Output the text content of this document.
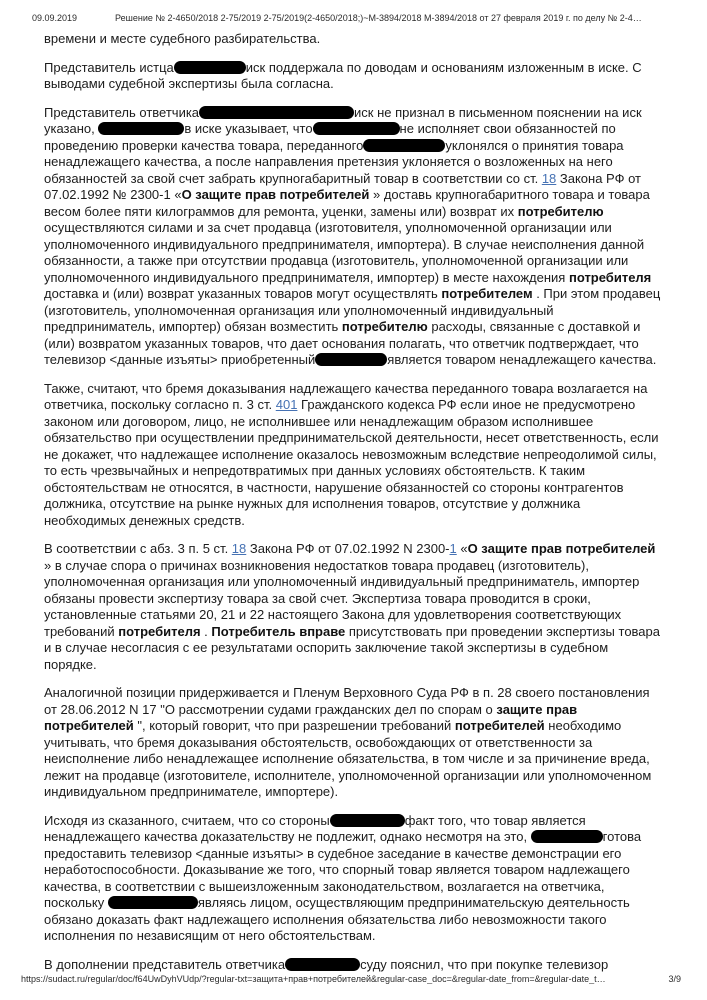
09.09.2019	Решение № 2-4650/2018 2-75/2019 2-75/2019(2-4650/2018;)~М-3894/2018 М-3894/2018 от 27 февраля 2019 г. по делу № 2-4…

времени и месте судебного разбирательства.

Представитель истца	иск поддержала по доводам и основаниям изложенным в иске. С выводами судебной экспертизы была согласна.

Представитель ответчика	иск не признал в письменном пояснении на иск указано,	в иске указывает, что	не исполняет свои обязанностей по проведению проверки качества товара, переданного	уклонялся о принятия товара ненадлежащего качества, а после направления претензия уклоняется о возложенных на него обязанностей за свой счет забрать крупногабаритный товар в соответствии со ст. 18 Закона РФ от 07.02.1992 № 2300-1 «О защите прав потребителей » доставь крупногабаритного товара и товара весом более пяти килограммов для ремонта, уценки, замены или) возврат их потребителю осуществляются силами и за счет продавца (изготовителя, уполномоченной организации или уполномоченного индивидуального предпринимателя, импортера). В случае неисполнения данной обязанности, а также при отсутствии продавца (изготовитель, уполномоченной организации или уполномоченного индивидуального предпринимателя, импортер) в месте нахождения потребителя доставка и (или) возврат указанных товаров могут осуществлять потребителем . При этом продавец (изготовитель, уполномоченная организация или уполномоченный индивидуальный предприниматель, импортер) обязан возместить потребителю расходы, связанные с доставкой и (или) возвратом указанных товаров, что дает основания полагать, что ответчик подтверждает, что телевизор <данные изъяты> приобретенный	является товаром ненадлежащего качества.

Также, считают, что бремя доказывания надлежащего качества переданного товара возлагается на ответчика, поскольку согласно п. 3 ст. 401 Гражданского кодекса РФ если иное не предусмотрено законом или договором, лицо, не исполнившее или ненадлежащим образом исполнившее обязательство при осуществлении предпринимательской деятельности, несет ответственность, если не докажет, что надлежащее исполнение оказалось невозможным вследствие непреодолимой силы, то есть чрезвычайных и непредотвратимых при данных условиях обстоятельств. К таким обстоятельствам не относятся, в частности, нарушение обязанностей со стороны контрагентов должника, отсутствие на рынке нужных для исполнения товаров, отсутствие у должника необходимых денежных средств.

В соответствии с абз. 3 п. 5 ст. 18 Закона РФ от 07.02.1992 N 2300-1 «О защите прав потребителей » в случае спора о причинах возникновения недостатков товара продавец (изготовитель), уполномоченная организация или уполномоченный индивидуальный предприниматель, импортер обязаны провести экспертизу товара за свой счет. Экспертиза товара проводится в сроки, установленные статьями 20, 21 и 22 настоящего Закона для удовлетворения соответствующих требований потребителя . Потребитель вправе присутствовать при проведении экспертизы товара и в случае несогласия с ее результатами оспорить заключение такой экспертизы в судебном порядке.

Аналогичной позиции придерживается и Пленум Верховного Суда РФ в п. 28 своего постановления от 28.06.2012 N 17 "О рассмотрении судами гражданских дел по спорам о защите прав потребителей ", который говорит, что при разрешении требований потребителей необходимо учитывать, что бремя доказывания обстоятельств, освобождающих от ответственности за неисполнение либо ненадлежащее исполнение обязательства, в том числе и за причинение вреда, лежит на продавце (изготовителе, исполнителе, уполномоченной организации или уполномоченном индивидуальном предпринимателе, импортере).

Исходя из сказанного, считаем, что со стороны	факт того, что товар является ненадлежащего качества доказательству не подлежит, однако несмотря на это,	готова предоставить телевизор <данные изъяты> в судебное заседание в качестве демонстрации его неработоспособности. Доказывание же того, что спорный товар является товаром надлежащего качества, в соответствии с вышеизложенным законодательством, возлагается на ответчика, поскольку	являясь лицом, осуществляющим предпринимательскую деятельность обязано доказать факт надлежащего исполнения обязательства либо невозможности такого исполнения по независящим от него обстоятельствам.

В дополнении представитель ответчика	суду пояснил, что при покупке телевизор

https://sudact.ru/regular/doc/f64UwDyhVUdp/?regular-txt=защита+прав+потребителей&regular-case_doc=&regular-date_from=&regular-date_t…	3/9
